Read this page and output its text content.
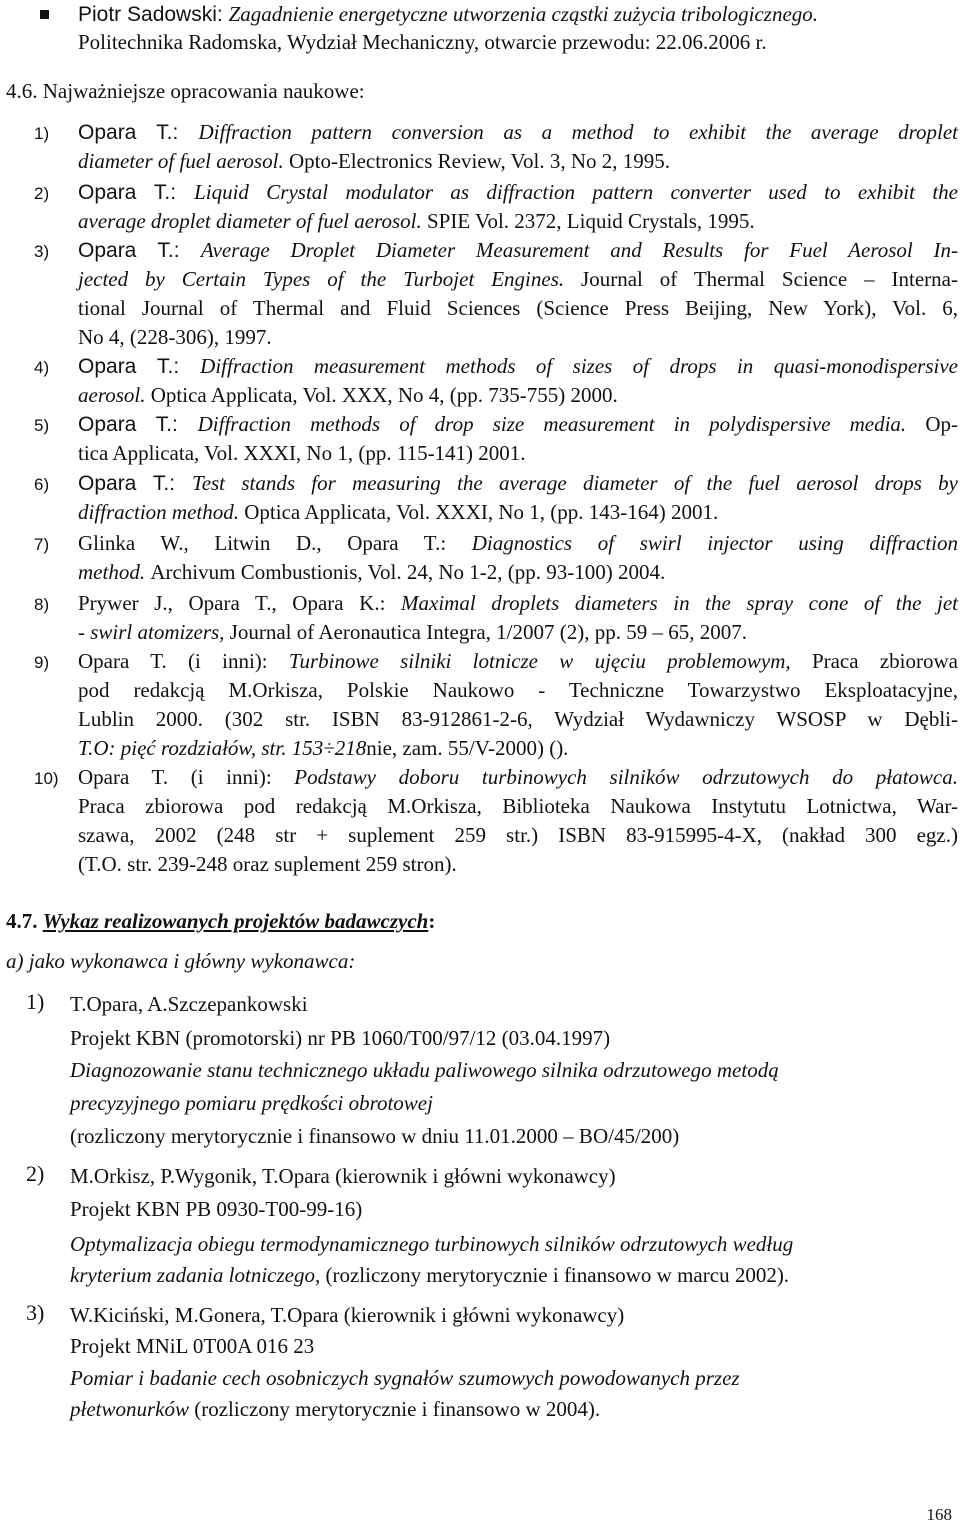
Piotr Sadowski: Zagadnienie energetyczne utworzenia cząstki zużycia tribologicznego.
Politechnika Radomska, Wydział Mechaniczny, otwarcie przewodu: 22.06.2006 r.
4.6. Najważniejsze opracowania naukowe:
1) Opara T.: Diffraction pattern conversion as a method to exhibit the average droplet
diameter of fuel aerosol. Opto-Electronics Review, Vol. 3, No 2, 1995.
2) Opara T.: Liquid Crystal modulator as diffraction pattern converter used to exhibit the
average droplet diameter of fuel aerosol. SPIE Vol. 2372, Liquid Crystals, 1995.
3) Opara T.: Average Droplet Diameter Measurement and Results for Fuel Aerosol In-
jected by Certain Types of the Turbojet Engines. Journal of Thermal Science – Interna-
tional Journal of Thermal and Fluid Sciences (Science Press Beijing, New York), Vol. 6,
No 4, (228-306), 1997.
4) Opara T.: Diffraction measurement methods of sizes of drops in quasi-monodispersive
aerosol. Optica Applicata, Vol. XXX, No 4, (pp. 735-755) 2000.
5) Opara T.: Diffraction methods of drop size measurement in polydispersive media. Op-
tica Applicata, Vol. XXXI, No 1, (pp. 115-141) 2001.
6) Opara T.: Test stands for measuring the average diameter of the fuel aerosol drops by
diffraction method. Optica Applicata, Vol. XXXI, No 1, (pp. 143-164) 2001.
7) Glinka W., Litwin D., Opara T.: Diagnostics of swirl injector using diffraction
method. Archivum Combustionis, Vol. 24, No 1-2, (pp. 93-100) 2004.
8) Prywer J., Opara T., Opara K.: Maximal droplets diameters in the spray cone of the jet
- swirl atomizers, Journal of Aeronautica Integra, 1/2007 (2), pp. 59 – 65, 2007.
9) Opara T. (i inni): Turbinowe silniki lotnicze w ujęciu problemowym, Praca zbiorowa
pod redakcją M.Orkisza, Polskie Naukowo - Techniczne Towarzystwo Eksploatacyjne,
Lublin 2000. (302 str. ISBN 83-912861-2-6, Wydział Wydawniczy WSOSP w Dębli-
T.O: pięć rozdziałów, str. 153÷218nie, zam. 55/V-2000) ().
10) Opara T. (i inni): Podstawy doboru turbinowych silników odrzutowych do płatowca.
Praca zbiorowa pod redakcją M.Orkisza, Biblioteka Naukowa Instytutu Lotnictwa, War-
szawa, 2002 (248 str + suplement 259 str.) ISBN 83-915995-4-X, (nakład 300 egz.)
(T.O. str. 239-248 oraz suplement 259 stron).
4.7. Wykaz realizowanych projektów badawczych:
a) jako wykonawca i główny wykonawca:
1) T.Opara, A.Szczepankowski
Projekt KBN (promotorski) nr PB 1060/T00/97/12 (03.04.1997)
Diagnozowanie stanu technicznego układu paliwowego silnika odrzutowego metodą
precyzyjnego pomiaru prędkości obrotowej
(rozliczony merytorycznie i finansowo w dniu 11.01.2000 – BO/45/200)
2) M.Orkisz, P.Wygonik, T.Opara (kierownik i główni wykonawcy)
Projekt KBN PB 0930-T00-99-16)
Optymalizacja obiegu termodynamicznego turbinowych silników odrzutowych według
kryterium zadania lotniczego, (rozliczony merytorycznie i finansowo w marcu 2002).
3) W.Kiciński, M.Gonera, T.Opara (kierownik i główni wykonawcy)
Projekt MNiL 0T00A 016 23
Pomiar i badanie cech osobniczych sygnałów szumowych powodowanych przez
płetwonurków (rozliczony merytorycznie i finansowo w 2004).
168
